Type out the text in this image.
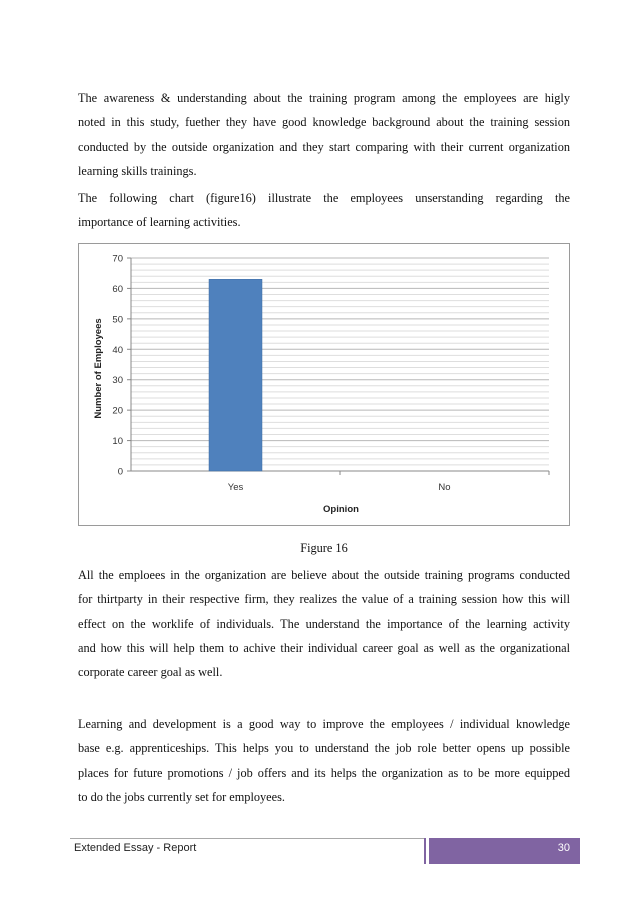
The awareness & understanding about the training program among the employees are higly
noted in this study, fuether they have good knowledge background about the training session
conducted by the outside organization and they start comparing with their current organization
learning skills trainings.
The following chart (figure16) illustrate the employees unserstanding regarding the
importance of learning activities.
0
10
20
30
40
50
60
70
Yes	No
Opinion
Number of Employees
Figure 16
All the emploees in the organization are believe about the outside training programs conducted
for thirtparty in their respective firm, they realizes the value of a training session how this will
effect on the worklife of individuals. The understand the importance of the learning activity
and how this will help them to achive their individual career goal as well as the organizational
corporate career goal as well.
Learning and development is a good way to improve the employees / individual knowledge
base e.g. apprenticeships. This helps you to understand the job role better opens up possible
places for future promotions / job offers and its helps the organization as to be more equipped
to do the jobs currently set for employees.
Extended Essay - Report	30
